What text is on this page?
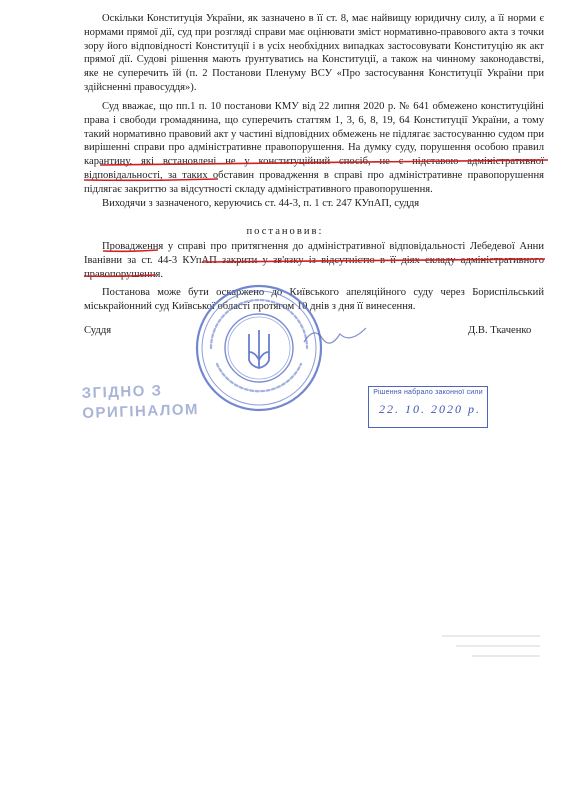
Оскільки Конституція України, як зазначено в її ст. 8, має найвищу юридичну силу, а її норми є нормами прямої дії, суд при розгляді справи має оцінювати зміст нормативно-правового акта з точки зору його відповідності Конституції і в усіх необхідних випадках застосовувати Конституцію як акт прямої дії. Судові рішення мають ґрунтуватись на Конституції, а також на чинному законодавстві, яке не суперечить їй (п. 2 Постанови Пленуму ВСУ «Про застосування Конституції України при здійсненні правосуддя»).

Суд вважає, що пп.1 п. 10 постанови КМУ від 22 липня 2020 р. № 641 обмежено конституційні права і свободи громадянина, що суперечить статтям 1, 3, 6, 8, 19, 64 Конституції України, а тому такий нормативно правовий акт у частині відповідних обмежень не підлягає застосуванню судом при вирішенні справи про адміністративне правопорушення. На думку суду, порушення особою правил карантину, які встановлені не у конституційний спосіб, не є підставою адміністративної відповідальності, за таких обставин провадження в справі про адміністративне правопорушення підлягає закриттю за відсутності складу адміністративного правопорушення.

Виходячи з зазначеного, керуючись ст. 44-3, п. 1 ст. 247 КУпАП, суддя

постановив:

Провадження у справі про притягнення до адміністративної відповідальності Лебедевої Анни Іванівни за ст. 44-3 КУпАП закрити у зв'язку із відсутністю в її діях складу адміністративного правопорушення.

Постанова може бути оскаржено до Київського апеляційного суду через Бориспільський міськрайонний суд Київської області протягом 10 днів з дня її винесення.

Суддя	Д.В. Ткаченко
ЗГІДНО З
ОРИГІНАЛОМ
Рішення набрало законної сили
22. 10. 2020 р.
